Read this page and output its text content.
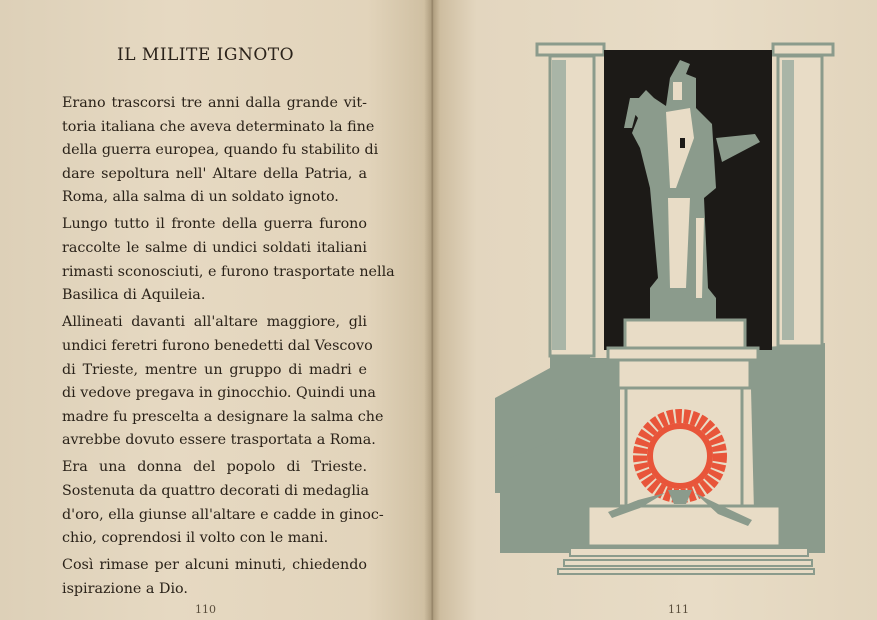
IL MILITE IGNOTO

Erano trascorsi tre anni dalla grande vit-
toria italiana che aveva determinato la fine
della guerra europea, quando fu stabilito di
dare sepoltura nell' Altare della Patria, a
Roma, alla salma di un soldato ignoto.

Lungo tutto il fronte della guerra furono
raccolte le salme di undici soldati italiani
rimasti sconosciuti, e furono trasportate nella
Basilica di Aquileia.

Allineati davanti all'altare maggiore, gli
undici feretri furono benedetti dal Vescovo
di Trieste, mentre un gruppo di madri e
di vedove pregava in ginocchio. Quindi una
madre fu prescelta a designare la salma che
avrebbe dovuto essere trasportata a Roma.

Era una donna del popolo di Trieste.
Sostenuta da quattro decorati di medaglia
d'oro, ella giunse all'altare e cadde in ginoc-
chio, coprendosi il volto con le mani.

Così rimase per alcuni minuti, chiedendo
ispirazione a Dio.

110	111
